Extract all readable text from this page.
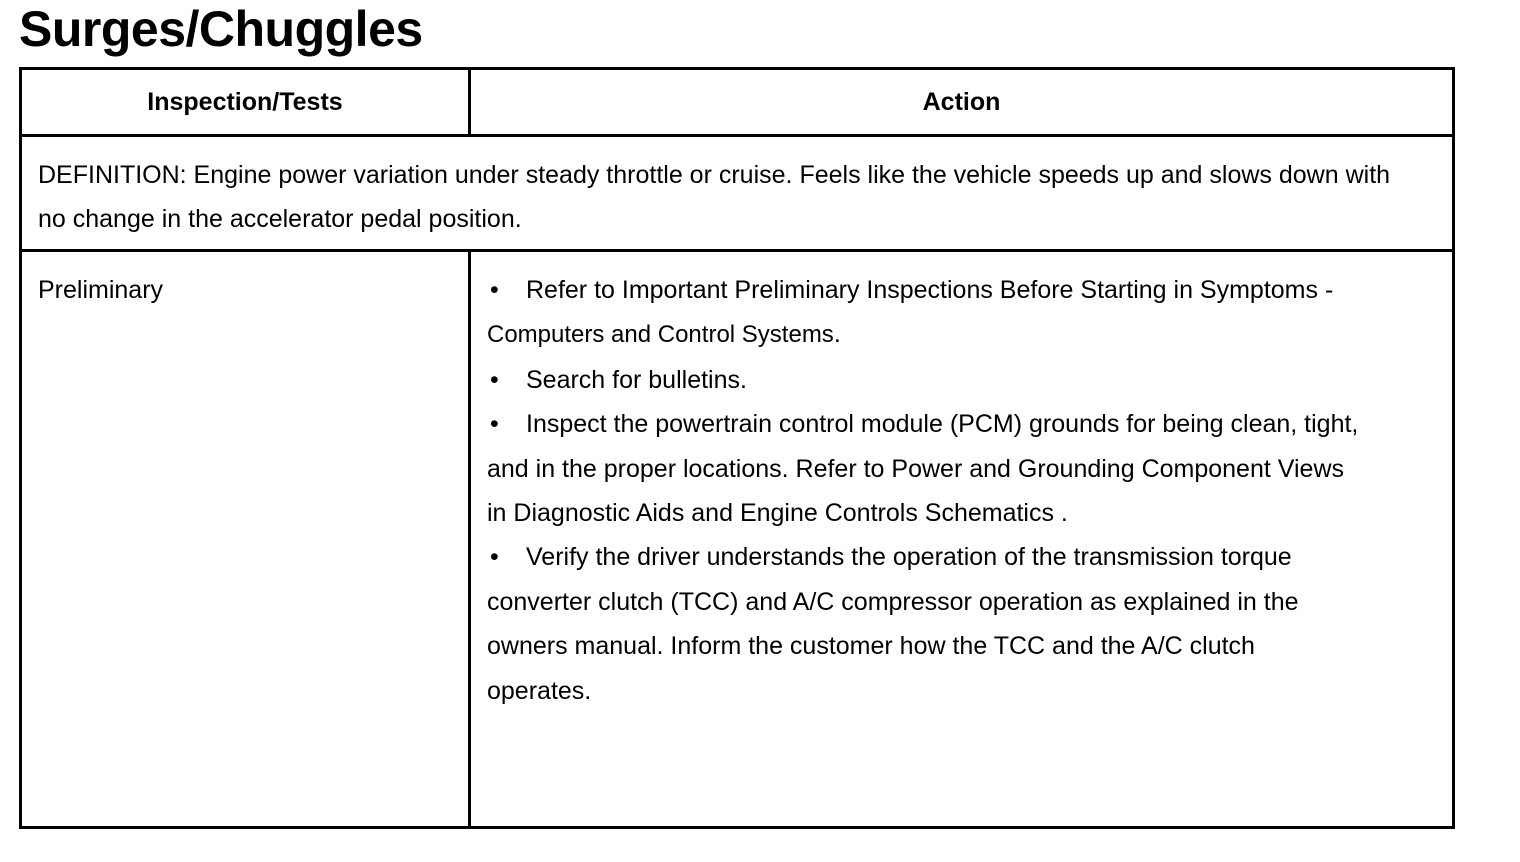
Surges/Chuggles
Inspection/Tests	Action
DEFINITION: Engine power variation under steady throttle or cruise. Feels like the vehicle speeds up and slows down with no change in the accelerator pedal position.	
Preliminary	• Refer to Important Preliminary Inspections Before Starting in Symptoms - Computers and Control Systems.
• Search for bulletins.
• Inspect the powertrain control module (PCM) grounds for being clean, tight, and in the proper locations. Refer to Power and Grounding Component Views in Diagnostic Aids and Engine Controls Schematics .
• Verify the driver understands the operation of the transmission torque converter clutch (TCC) and A/C compressor operation as explained in the owners manual. Inform the customer how the TCC and the A/C clutch operates.
